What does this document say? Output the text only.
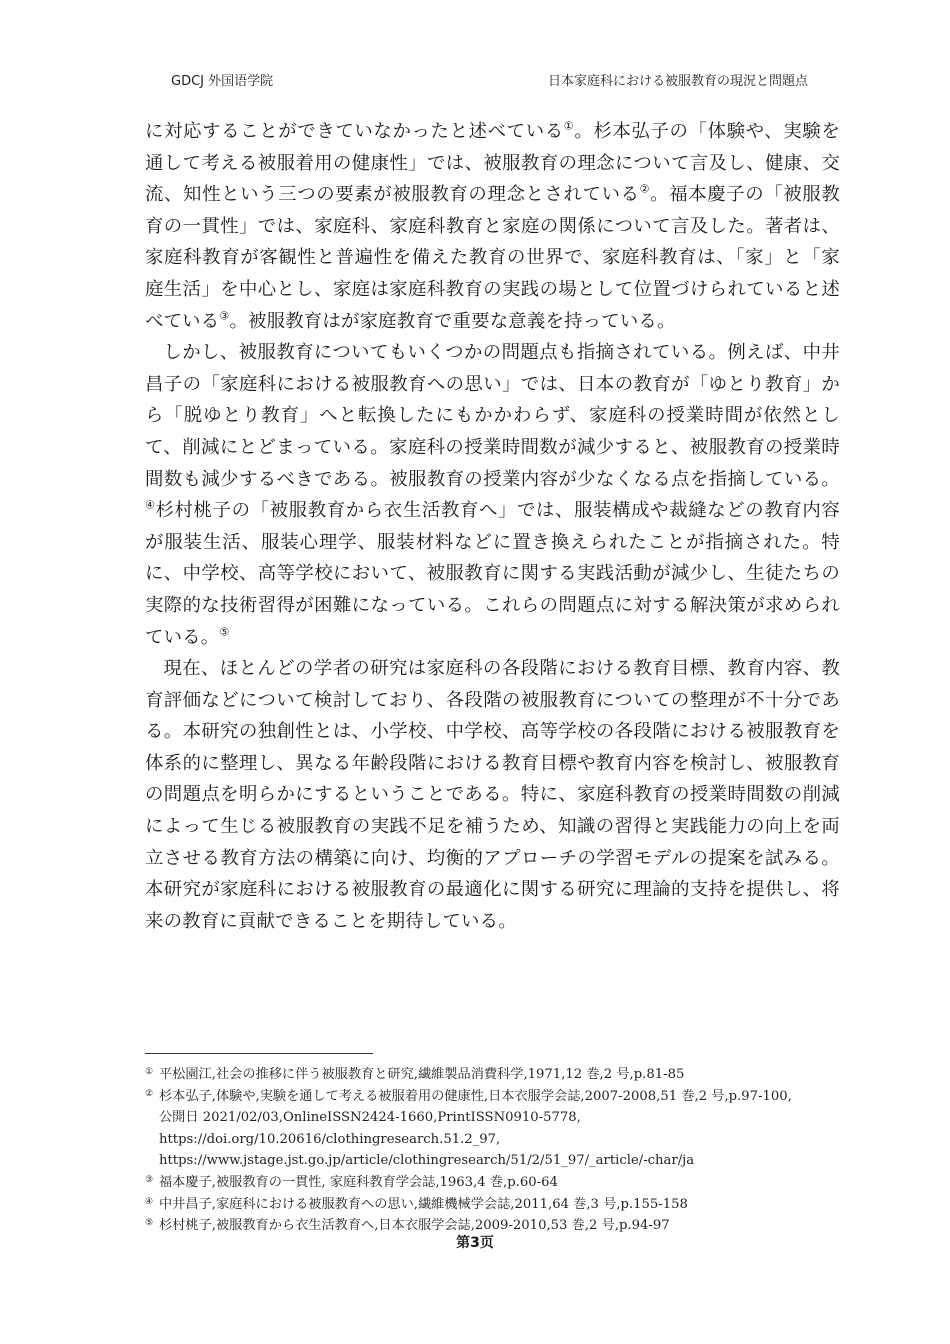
GDCJ 外国语学院	日本家庭科における被服教育の現況と問題点

に対応することができていなかったと述べている①。杉本弘子の「体験や、実験を通して考える被服着用の健康性」では、被服教育の理念について言及し、健康、交流、知性という三つの要素が被服教育の理念とされている②。福本慶子の「被服教育の一貫性」では、家庭科、家庭科教育と家庭の関係について言及した。著者は、家庭科教育が客観性と普遍性を備えた教育の世界で、家庭科教育は、「家」と「家庭生活」を中心とし、家庭は家庭科教育の実践の場として位置づけられていると述べている③。被服教育はが家庭教育で重要な意義を持っている。

しかし、被服教育についてもいくつかの問題点も指摘されている。例えば、中井昌子の「家庭科における被服教育への思い」では、日本の教育が「ゆとり教育」から「脱ゆとり教育」へと転換したにもかかわらず、家庭科の授業時間が依然として、削減にとどまっている。家庭科の授業時間数が減少すると、被服教育の授業時間数も減少するべきである。被服教育の授業内容が少なくなる点を指摘している。④杉村桃子の「被服教育から衣生活教育へ」では、服装構成や裁縫などの教育内容が服装生活、服装心理学、服装材料などに置き換えられたことが指摘された。特に、中学校、高等学校において、被服教育に関する実践活動が減少し、生徒たちの実際的な技術習得が困難になっている。これらの問題点に対する解決策が求められている。⑤

現在、ほとんどの学者の研究は家庭科の各段階における教育目標、教育内容、教育評価などについて検討しており、各段階の被服教育についての整理が不十分である。本研究の独創性とは、小学校、中学校、高等学校の各段階における被服教育を体系的に整理し、異なる年齢段階における教育目標や教育内容を検討し、被服教育の問題点を明らかにするということである。特に、家庭科教育の授業時間数の削減によって生じる被服教育の実践不足を補うため、知識の習得と実践能力の向上を両立させる教育方法の構築に向け、均衡的アプローチの学習モデルの提案を試みる。本研究が家庭科における被服教育の最適化に関する研究に理論的支持を提供し、将来の教育に貢献できることを期待している。

① 平松園江,社会の推移に伴う被服教育と研究,繊維製品消費科学,1971,12 巻,2 号,p.81-85
② 杉本弘子,体験や,実験を通して考える被服着用の健康性,日本衣服学会誌,2007-2008,51 巻,2 号,p.97-100,
公開日 2021/02/03,OnlineISSN2424-1660,PrintISSN0910-5778,
https://doi.org/10.20616/clothingresearch.51.2_97,
https://www.jstage.jst.go.jp/article/clothingresearch/51/2/51_97/_article/-char/ja
③ 福本慶子,被服教育の一貫性, 家庭科教育学会誌,1963,4 巻,p.60-64
④ 中井昌子,家庭科における被服教育への思い,繊維機械学会誌,2011,64 巻,3 号,p.155-158
⑤ 杉村桃子,被服教育から衣生活教育へ,日本衣服学会誌,2009-2010,53 巻,2 号,p.94-97
第3页
